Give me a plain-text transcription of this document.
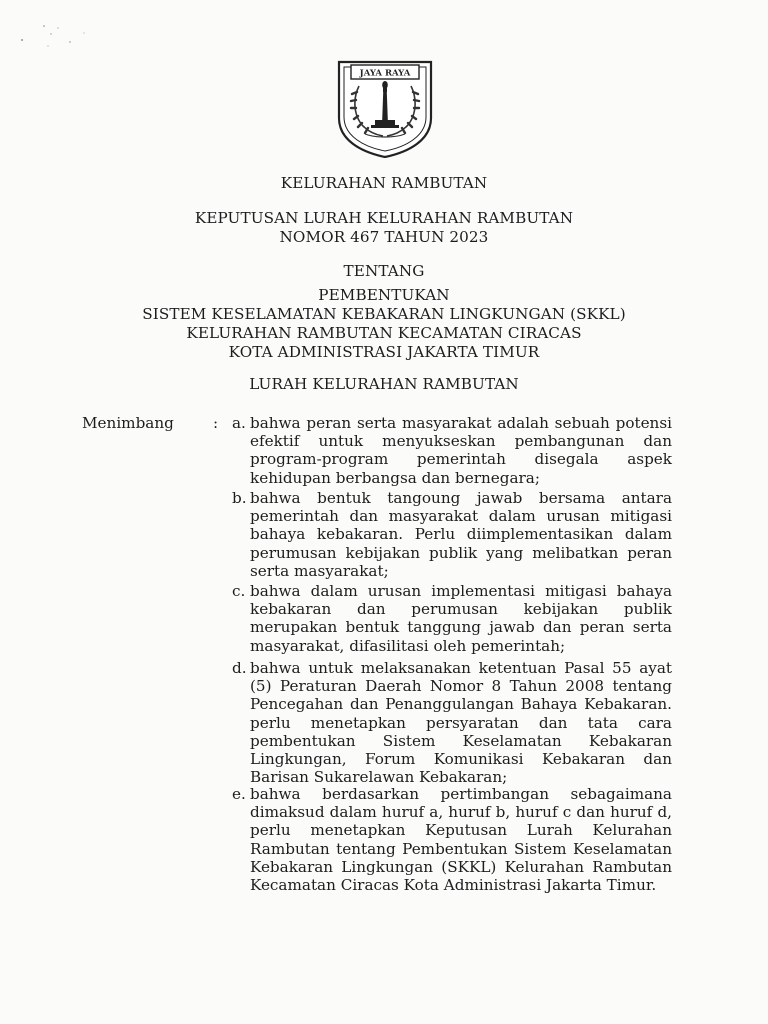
JAYA RAYA
KELURAHAN RAMBUTAN
KEPUTUSAN LURAH KELURAHAN RAMBUTAN
NOMOR 467 TAHUN 2023
TENTANG
PEMBENTUKAN
SISTEM KESELAMATAN KEBAKARAN LINGKUNGAN (SKKL)
KELURAHAN RAMBUTAN KECAMATAN CIRACAS
KOTA ADMINISTRASI JAKARTA TIMUR
LURAH KELURAHAN RAMBUTAN
Menimbang	: a. bahwa peran serta masyarakat adalah sebuah potensi efektif untuk menyukseskan pembangunan dan program-program pemerintah disegala aspek kehidupan berbangsa dan bernegara;
b. bahwa bentuk tangoung jawab bersama antara pemerintah dan masyarakat dalam urusan mitigasi bahaya kebakaran. Perlu diimplementasikan dalam perumusan kebijakan publik yang melibatkan peran serta masyarakat;
c. bahwa dalam urusan implementasi mitigasi bahaya kebakaran dan perumusan kebijakan publik merupakan bentuk tanggung jawab dan peran serta masyarakat, difasilitasi oleh pemerintah;
d. bahwa untuk melaksanakan ketentuan Pasal 55 ayat (5) Peraturan Daerah Nomor 8 Tahun 2008 tentang Pencegahan dan Penanggulangan Bahaya Kebakaran. perlu menetapkan persyaratan dan tata cara pembentukan Sistem Keselamatan Kebakaran Lingkungan, Forum Komunikasi Kebakaran dan Barisan Sukarelawan Kebakaran;
e. bahwa berdasarkan pertimbangan sebagaimana dimaksud dalam huruf a, huruf b, huruf c dan huruf d, perlu menetapkan Keputusan Lurah Kelurahan Rambutan tentang Pembentukan Sistem Keselamatan Kebakaran Lingkungan (SKKL) Kelurahan Rambutan Kecamatan Ciracas Kota Administrasi Jakarta Timur.
